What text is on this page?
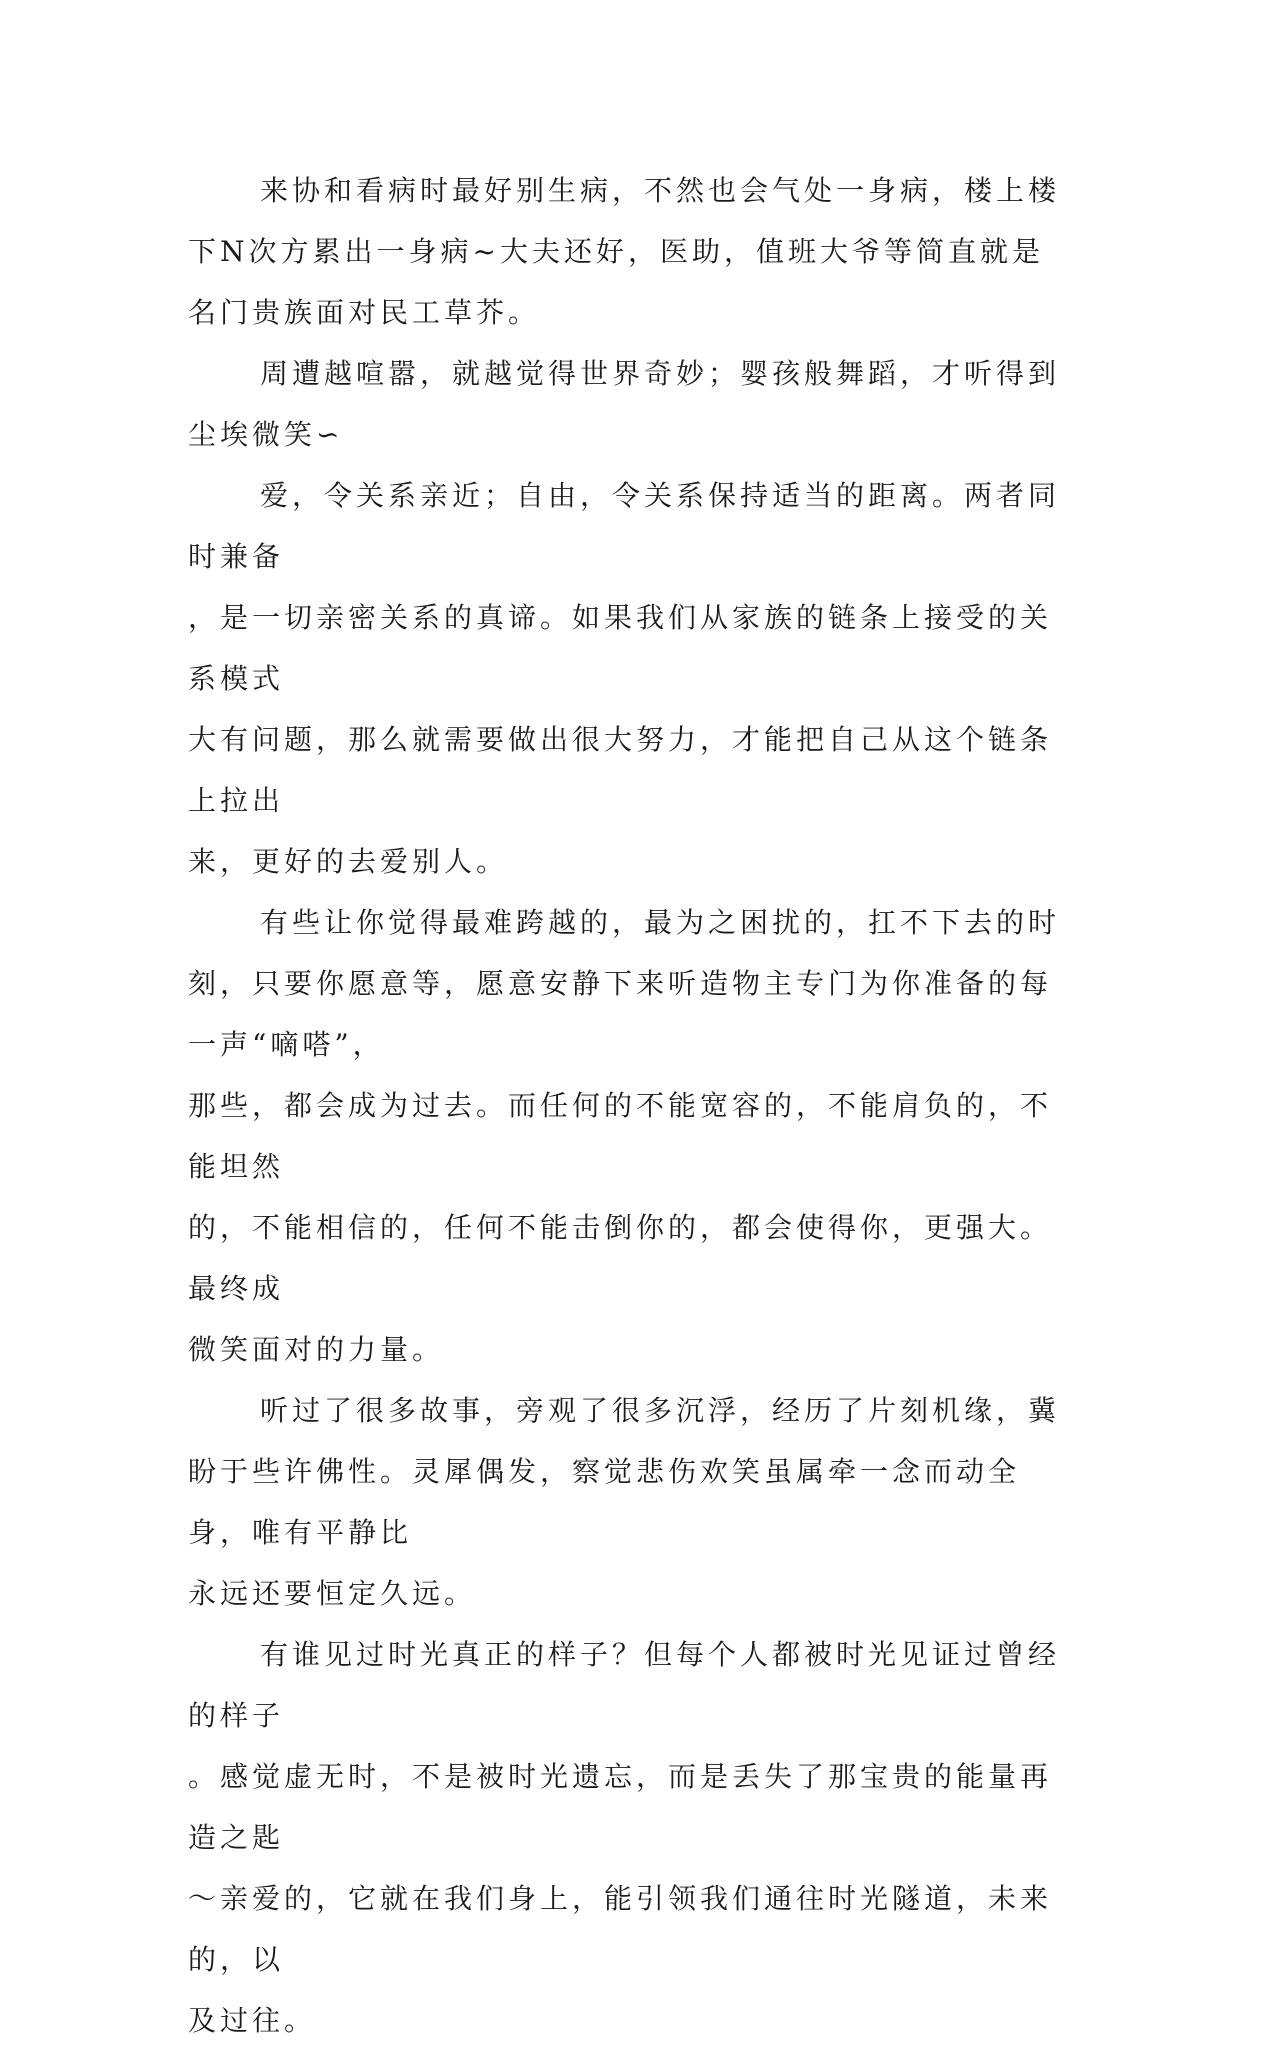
来协和看病时最好别生病，不然也会气处一身病，楼上楼下N次方累出一身病~大夫还好，医助，值班大爷等简直就是名门贵族面对民工草芥。

周遭越喧嚣，就越觉得世界奇妙；婴孩般舞蹈，才听得到尘埃微笑∽

爱，令关系亲近；自由，令关系保持适当的距离。两者同时兼备
，是一切亲密关系的真谛。如果我们从家族的链条上接受的关系模式
大有问题，那么就需要做出很大努力，才能把自己从这个链条上拉出
来，更好的去爱别人。

有些让你觉得最难跨越的，最为之困扰的，扛不下去的时刻，只要你愿意等，愿意安静下来听造物主专门为你准备的每一声“嘀嗒”，
那些，都会成为过去。而任何的不能宽容的，不能肩负的，不能坦然
的，不能相信的，任何不能击倒你的，都会使得你，更强大。最终成
微笑面对的力量。

听过了很多故事，旁观了很多沉浮，经历了片刻机缘，冀盼于些许佛性。灵犀偶发，察觉悲伤欢笑虽属牵一念而动全身，唯有平静比
永远还要恒定久远。

有谁见过时光真正的样子？但每个人都被时光见证过曾经的样子
。感觉虚无时，不是被时光遗忘，而是丢失了那宝贵的能量再造之匙
～亲爱的，它就在我们身上，能引领我们通往时光隧道，未来的，以
及过往。
